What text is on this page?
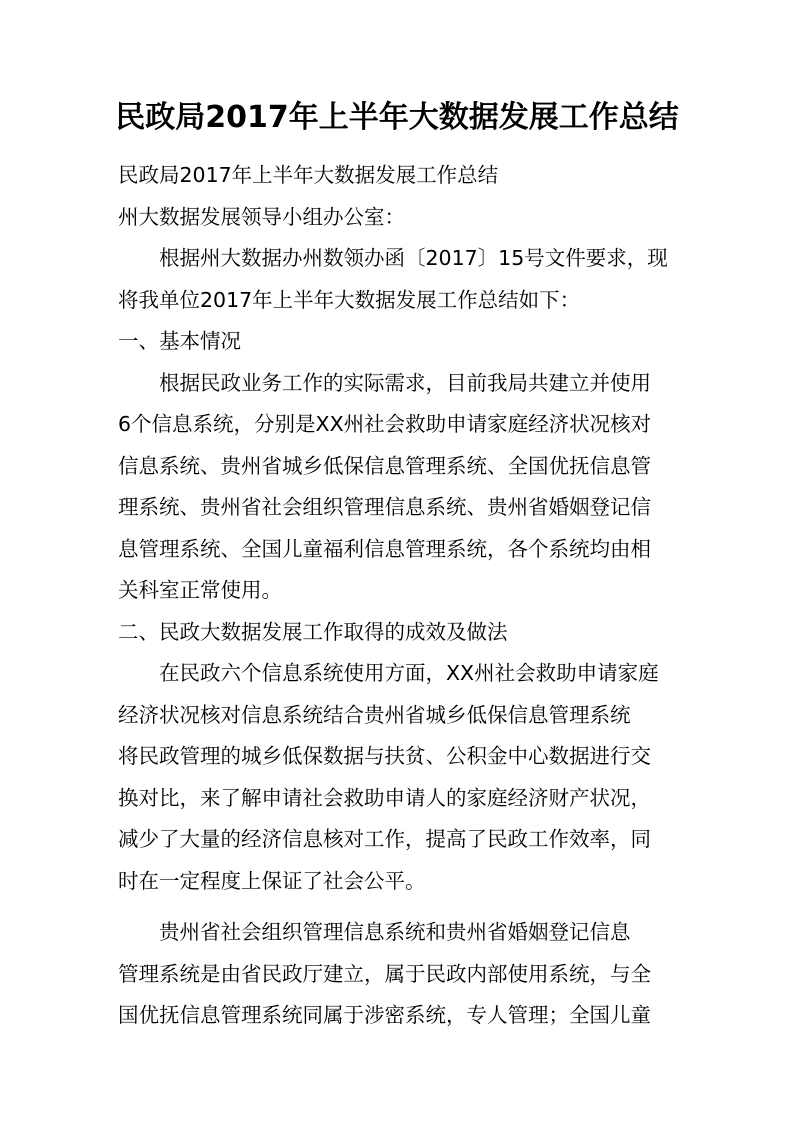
民政局2017年上半年大数据发展工作总结
民政局2017年上半年大数据发展工作总结
州大数据发展领导小组办公室：
根据州大数据办州数领办函〔2017〕15号文件要求，现
将我单位2017年上半年大数据发展工作总结如下：
一、基本情况
根据民政业务工作的实际需求，目前我局共建立并使用
6个信息系统，分别是XX州社会救助申请家庭经济状况核对
信息系统、贵州省城乡低保信息管理系统、全国优抚信息管
理系统、贵州省社会组织管理信息系统、贵州省婚姻登记信
息管理系统、全国儿童福利信息管理系统，各个系统均由相
关科室正常使用。
二、民政大数据发展工作取得的成效及做法
在民政六个信息系统使用方面，XX州社会救助申请家庭
经济状况核对信息系统结合贵州省城乡低保信息管理系统
将民政管理的城乡低保数据与扶贫、公积金中心数据进行交
换对比，来了解申请社会救助申请人的家庭经济财产状况，
减少了大量的经济信息核对工作，提高了民政工作效率，同
时在一定程度上保证了社会公平。
贵州省社会组织管理信息系统和贵州省婚姻登记信息
管理系统是由省民政厅建立，属于民政内部使用系统，与全
国优抚信息管理系统同属于涉密系统，专人管理；全国儿童
